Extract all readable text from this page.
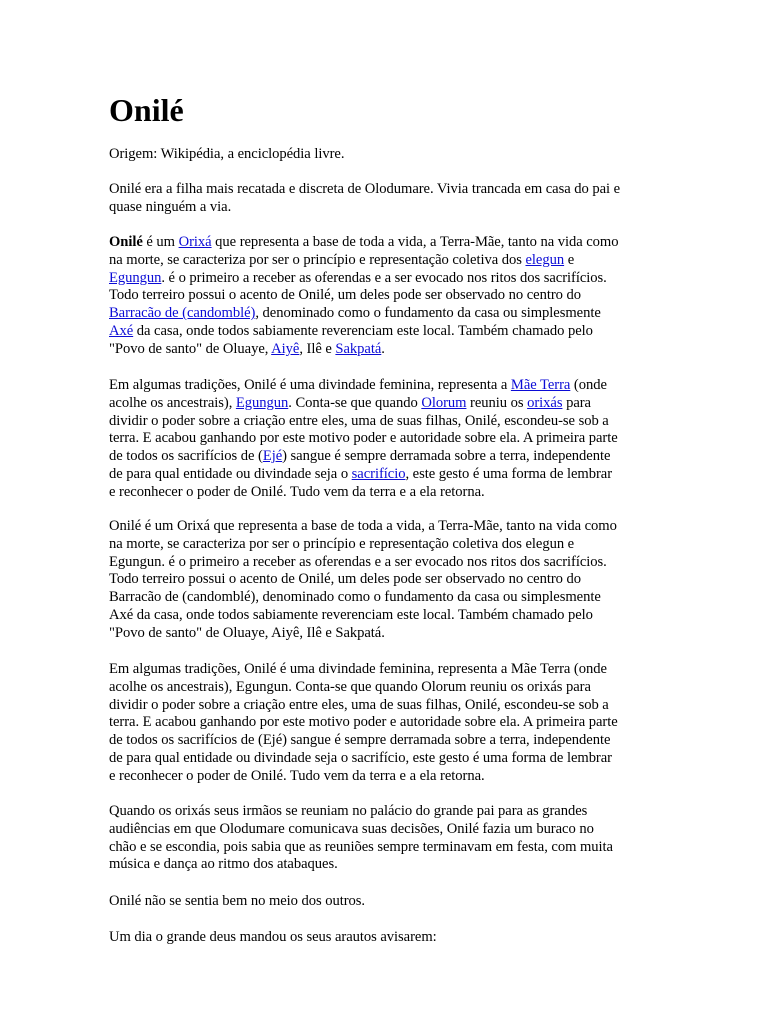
Onilé

Origem: Wikipédia, a enciclopédia livre.

Onilé era a filha mais recatada e discreta de Olodumare. Vivia trancada em casa do pai e
quase ninguém a via.

Onilé é um Orixá que representa a base de toda a vida, a Terra-Mãe, tanto na vida como
na morte, se caracteriza por ser o princípio e representação coletiva dos elegun e
Egungun. é o primeiro a receber as oferendas e a ser evocado nos ritos dos sacrifícios.
Todo terreiro possui o acento de Onilé, um deles pode ser observado no centro do
Barracão de (candomblé), denominado como o fundamento da casa ou simplesmente
Axé da casa, onde todos sabiamente reverenciam este local. Também chamado pelo
"Povo de santo" de Oluaye, Aiyê, Ilê e Sakpatá.

Em algumas tradições, Onilé é uma divindade feminina, representa a Mãe Terra (onde
acolhe os ancestrais), Egungun. Conta-se que quando Olorum reuniu os orixás para
dividir o poder sobre a criação entre eles, uma de suas filhas, Onilé, escondeu-se sob a
terra. E acabou ganhando por este motivo poder e autoridade sobre ela. A primeira parte
de todos os sacrifícios de (Ejé) sangue é sempre derramada sobre a terra, independente
de para qual entidade ou divindade seja o sacrifício, este gesto é uma forma de lembrar
e reconhecer o poder de Onilé. Tudo vem da terra e a ela retorna.

Onilé é um Orixá que representa a base de toda a vida, a Terra-Mãe, tanto na vida como
na morte, se caracteriza por ser o princípio e representação coletiva dos elegun e
Egungun. é o primeiro a receber as oferendas e a ser evocado nos ritos dos sacrifícios.
Todo terreiro possui o acento de Onilé, um deles pode ser observado no centro do
Barracão de (candomblé), denominado como o fundamento da casa ou simplesmente
Axé da casa, onde todos sabiamente reverenciam este local. Também chamado pelo
"Povo de santo" de Oluaye, Aiyê, Ilê e Sakpatá.

Em algumas tradições, Onilé é uma divindade feminina, representa a Mãe Terra (onde
acolhe os ancestrais), Egungun. Conta-se que quando Olorum reuniu os orixás para
dividir o poder sobre a criação entre eles, uma de suas filhas, Onilé, escondeu-se sob a
terra. E acabou ganhando por este motivo poder e autoridade sobre ela. A primeira parte
de todos os sacrifícios de (Ejé) sangue é sempre derramada sobre a terra, independente
de para qual entidade ou divindade seja o sacrifício, este gesto é uma forma de lembrar
e reconhecer o poder de Onilé. Tudo vem da terra e a ela retorna.

Quando os orixás seus irmãos se reuniam no palácio do grande pai para as grandes
audiências em que Olodumare comunicava suas decisões, Onilé fazia um buraco no
chão e se escondia, pois sabia que as reuniões sempre terminavam em festa, com muita
música e dança ao ritmo dos atabaques.

Onilé não se sentia bem no meio dos outros.

Um dia o grande deus mandou os seus arautos avisarem:
